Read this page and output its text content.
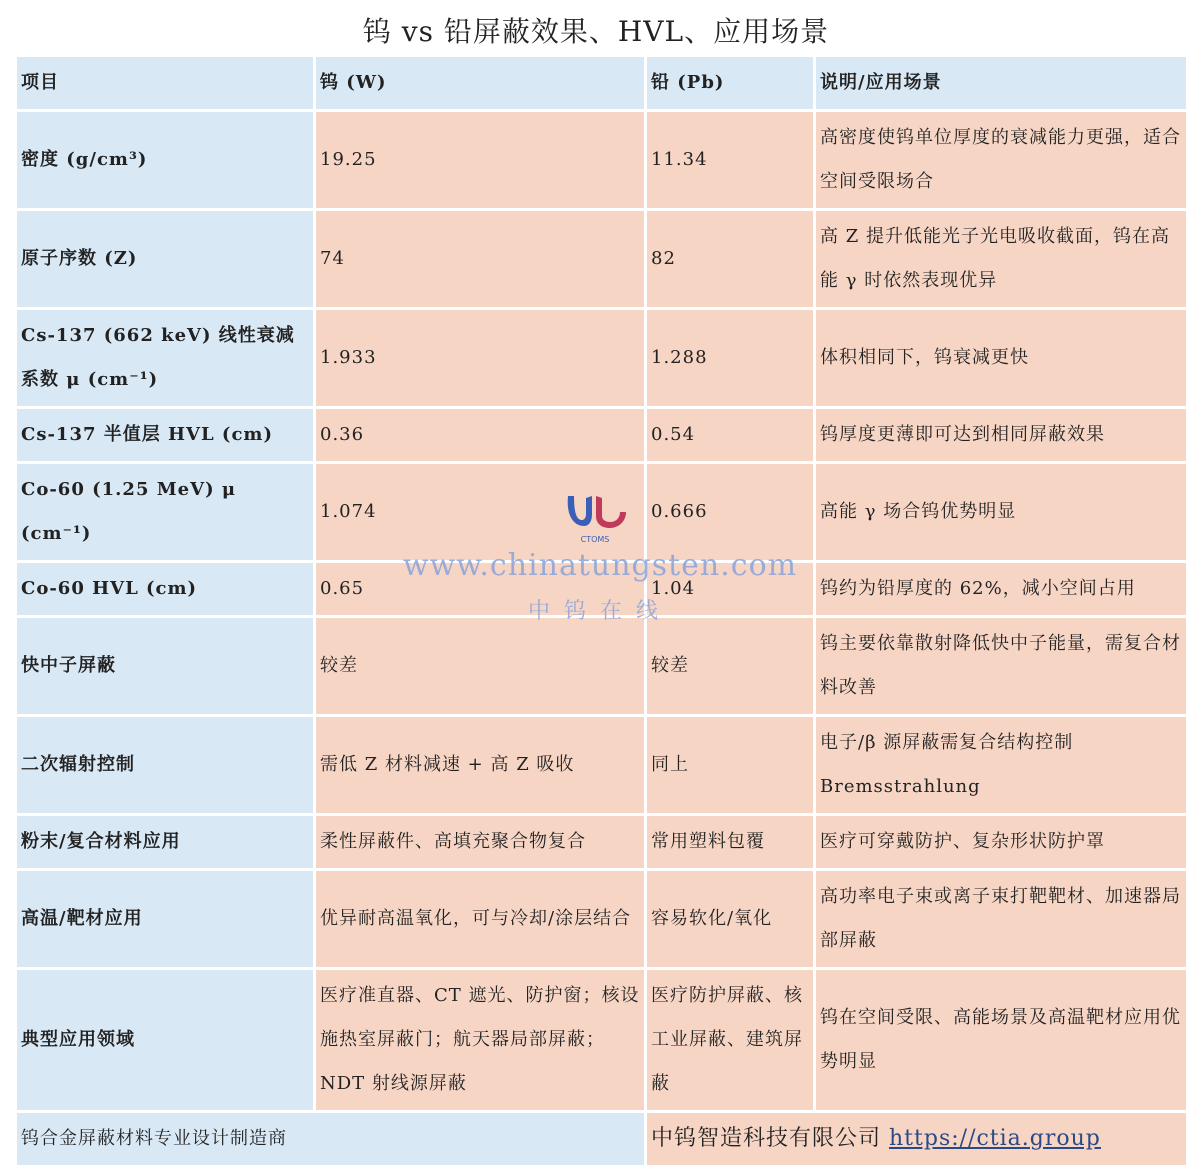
钨 vs 铅屏蔽效果、HVL、应用场景
项目	钨 (W)	铅 (Pb)	说明/应用场景
密度 (g/cm³)	19.25	11.34	高密度使钨单位厚度的衰减能力更强，适合空间受限场合
原子序数 (Z)	74	82	高 Z 提升低能光子光电吸收截面，钨在高能 γ 时依然表现优异
Cs-137 (662 keV) 线性衰减系数 μ (cm⁻¹)	1.933	1.288	体积相同下，钨衰减更快
Cs-137 半值层 HVL (cm)	0.36	0.54	钨厚度更薄即可达到相同屏蔽效果
Co-60 (1.25 MeV) μ (cm⁻¹)	1.074	0.666	高能 γ 场合钨优势明显
Co-60 HVL (cm)	0.65	1.04	钨约为铅厚度的 62%，减小空间占用
快中子屏蔽	较差	较差	钨主要依靠散射降低快中子能量，需复合材料改善
二次辐射控制	需低 Z 材料减速 + 高 Z 吸收	同上	电子/β 源屏蔽需复合结构控制 Bremsstrahlung
粉末/复合材料应用	柔性屏蔽件、高填充聚合物复合	常用塑料包覆	医疗可穿戴防护、复杂形状防护罩
高温/靶材应用	优异耐高温氧化，可与冷却/涂层结合	容易软化/氧化	高功率电子束或离子束打靶靶材、加速器局部屏蔽
典型应用领域	医疗准直器、CT 遮光、防护窗；核设施热室屏蔽门；航天器局部屏蔽；NDT 射线源屏蔽	医疗防护屏蔽、核工业屏蔽、建筑屏蔽	钨在空间受限、高能场景及高温靶材应用优势明显
钨合金屏蔽材料专业设计制造商		中钨智造科技有限公司 https://ctia.group	
CTOMS
www.chinatungsten.com
中钨在线
